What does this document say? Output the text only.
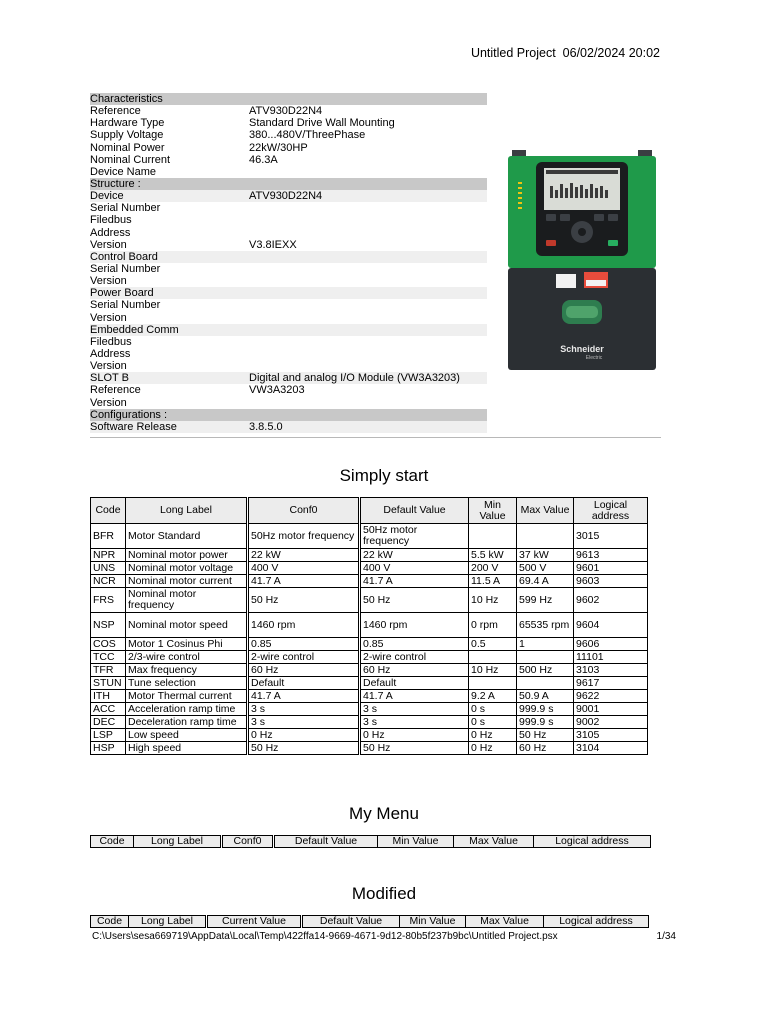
Untitled Project 06/02/2024 20:02
Characteristics
Reference	ATV930D22N4
Hardware Type	Standard Drive Wall Mounting
Supply Voltage	380...480V/ThreePhase
Nominal Power	22kW/30HP
Nominal Current	46.3A
Device Name
Structure :
Device	ATV930D22N4
Serial Number
Filedbus
Address
Version	V3.8IEXX
Control Board
Serial Number
Version
Power Board
Serial Number
Version
Embedded Comm
Filedbus
Address
Version
SLOT B	Digital and analog I/O Module (VW3A3203)
Reference	VW3A3203
Version
Configurations :
Software Release	3.8.5.0
Schneider
Electric
Simply start
Code	Long Label	Conf0	Default Value	Min Value	Max Value	Logical address
BFR	Motor Standard	50Hz motor frequency	50Hz motor frequency			3015
NPR	Nominal motor power	22 kW	22 kW	5.5 kW	37 kW	9613
UNS	Nominal motor voltage	400 V	400 V	200 V	500 V	9601
NCR	Nominal motor current	41.7 A	41.7 A	11.5 A	69.4 A	9603
FRS	Nominal motor frequency	50 Hz	50 Hz	10 Hz	599 Hz	9602
NSP	Nominal motor speed	1460 rpm	1460 rpm	0 rpm	65535 rpm	9604
COS	Motor 1 Cosinus Phi	0.85	0.85	0.5	1	9606
TCC	2/3-wire control	2-wire control	2-wire control			11101
TFR	Max frequency	60 Hz	60 Hz	10 Hz	500 Hz	3103
STUN	Tune selection	Default	Default			9617
ITH	Motor Thermal current	41.7 A	41.7 A	9.2 A	50.9 A	9622
ACC	Acceleration ramp time	3 s	3 s	0 s	999.9 s	9001
DEC	Deceleration ramp time	3 s	3 s	0 s	999.9 s	9002
LSP	Low speed	0 Hz	0 Hz	0 Hz	50 Hz	3105
HSP	High speed	50 Hz	50 Hz	0 Hz	60 Hz	3104
My Menu
Code	Long Label	Conf0	Default Value	Min Value	Max Value	Logical address
Modified
Code	Long Label	Current Value	Default Value	Min Value	Max Value	Logical address
C:\Users\sesa669719\AppData\Local\Temp\422ffa14-9669-4671-9d12-80b5f237b9bc\Untitled Project.psx	1/34
